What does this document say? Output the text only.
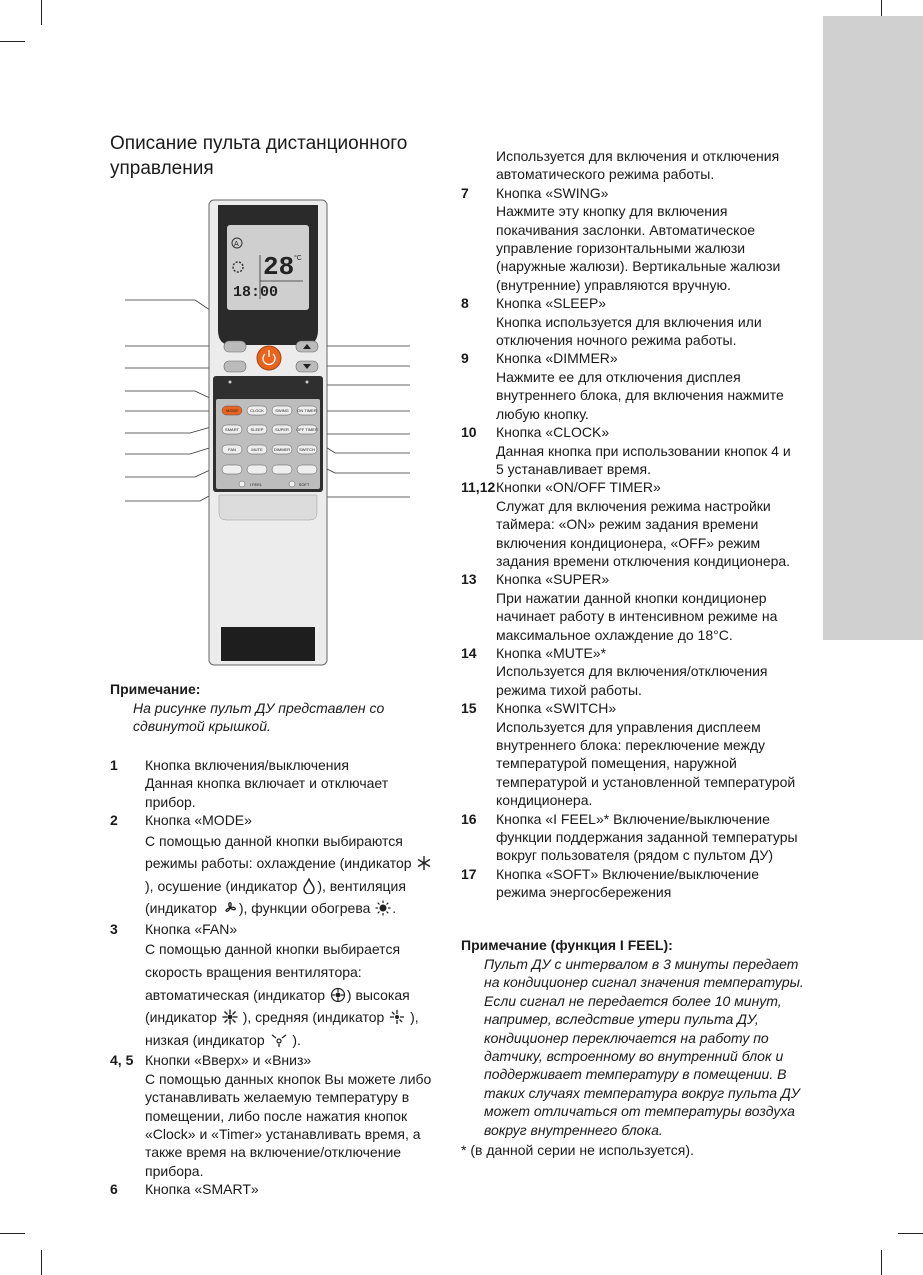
Описание пульта дистанционного управления
A
28 °C
18:00
MODE	CLOCK	SWING ON TIMER
SMART	SLEEP	SUPER OFF TIMER
FAN	MUTE	DIMMER SWITCH
I FEEL	SOFT

Примечание:

На рисунке пульт ДУ представлен со сдвинутой крышкой.

1 Кнопка включения/выключения
Данная кнопка включает и отключает прибор.
2 Кнопка «MODE»
С помощью данной кнопки выбираются режимы работы: охлаждение (индикатор ), осушение (индикатор ), вентиляция (индикатор ), функции обогрева .
3 Кнопка «FAN»
С помощью данной кнопки выбирается скорость вращения вентилятора: автоматическая (индикатор ) высокая (индикатор  ), средняя (индикатор  ), низкая (индикатор  ).
4, 5 Кнопки «Вверх» и «Вниз»
С помощью данных кнопок Вы можете либо устанавливать желаемую температуру в помещении, либо после нажатия кнопок «Clock» и «Timer» устанавливать время, а также время на включение/отключение прибора.
6 Кнопка «SMART»
Используется для включения и отключения автоматического режима работы.
7 Кнопка «SWING»
Нажмите эту кнопку для включения покачивания заслонки. Автоматическое управление горизонтальными жалюзи (наружные жалюзи). Вертикальные жалюзи (внутренние) управляются вручную.
8 Кнопка «SLEEP»
Кнопка используется для включения или отключения ночного режима работы.
9 Кнопка «DIMMER»
Нажмите ее для отключения дисплея внутреннего блока, для включения нажмите любую кнопку.
10 Кнопка «CLOCK»
Данная кнопка при использовании кнопок 4 и 5 устанавливает время.
11,12 Кнопки «ON/OFF TIMER»
Служат для включения режима настройки таймера: «ON» режим задания времени включения кондиционера, «OFF» режим задания времени отключения кондиционера.
13 Кнопка «SUPER»
При нажатии данной кнопки кондиционер начинает работу в интенсивном режиме на максимальное охлаждение до 18°С.
14 Кнопка «MUTE»*
Используется для включения/отключения режима тихой работы.
15 Кнопка «SWITCH»
Используется для управления дисплеем внутреннего блока: переключение между температурой помещения, наружной температурой и установленной температурой кондиционера.
16 Кнопка «I FEEL»* Включение/выключение функции поддержания заданной температуры вокруг пользователя (рядом с пультом ДУ)
17 Кнопка «SOFT» Включение/выключение режима энергосбережения

Примечание (функция I FEEL):

Пульт ДУ с интервалом в 3 минуты передает на кондиционер сигнал значения температуры. Если сигнал не передается более 10 минут, например, вследствие утери пульта ДУ, кондиционер переключается на работу по датчику, встроенному во внутренний блок и поддерживает температуру в помещении. В таких случаях температура вокруг пульта ДУ может отличаться от температуры воздуха вокруг внутреннего блока.

* (в данной серии не используется).
